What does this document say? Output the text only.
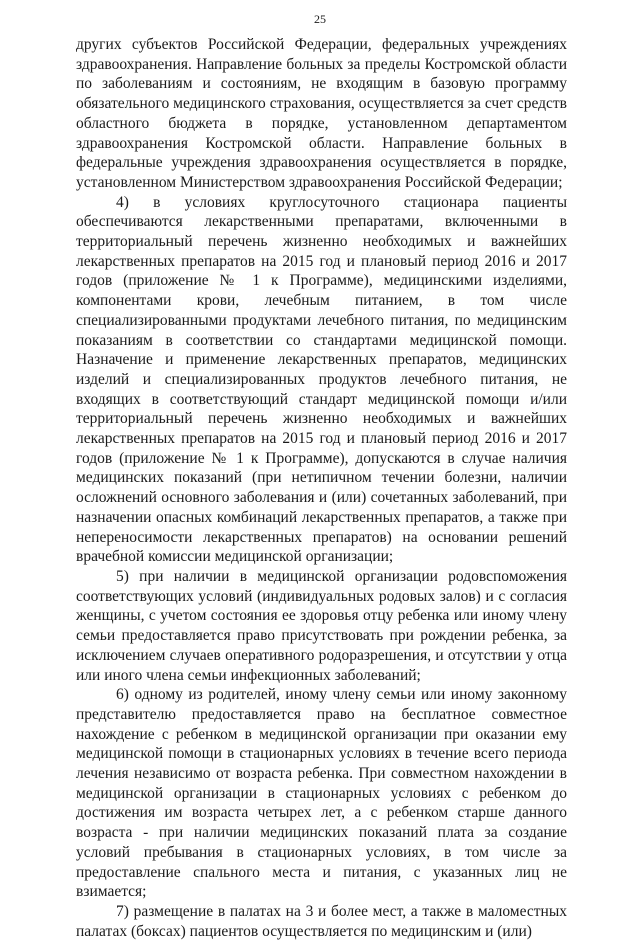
25

других субъектов Российской Федерации, федеральных учреждениях здравоохранения. Направление больных за пределы Костромской области по заболеваниям и состояниям, не входящим в базовую программу обязательного медицинского страхования, осуществляется за счет средств областного бюджета в порядке, установленном департаментом здравоохранения Костромской области. Направление больных в федеральные учреждения здравоохранения осуществляется в порядке, установленном Министерством здравоохранения Российской Федерации;

4) в условиях круглосуточного стационара пациенты обеспечиваются лекарственными препаратами, включенными в территориальный перечень жизненно необходимых и важнейших лекарственных препаратов на 2015 год и плановый период 2016 и 2017 годов (приложение № 1 к Программе), медицинскими изделиями, компонентами крови, лечебным питанием, в том числе специализированными продуктами лечебного питания, по медицинским показаниям в соответствии со стандартами медицинской помощи. Назначение и применение лекарственных препаратов, медицинских изделий и специализированных продуктов лечебного питания, не входящих в соответствующий стандарт медицинской помощи и/или территориальный перечень жизненно необходимых и важнейших лекарственных препаратов на 2015 год и плановый период 2016 и 2017 годов (приложение № 1 к Программе), допускаются в случае наличия медицинских показаний (при нетипичном течении болезни, наличии осложнений основного заболевания и (или) сочетанных заболеваний, при назначении опасных комбинаций лекарственных препаратов, а также при непереносимости лекарственных препаратов) на основании решений врачебной комиссии медицинской организации;

5) при наличии в медицинской организации родовспоможения соответствующих условий (индивидуальных родовых залов) и с согласия женщины, с учетом состояния ее здоровья отцу ребенка или иному члену семьи предоставляется право присутствовать при рождении ребенка, за исключением случаев оперативного родоразрешения, и отсутствии у отца или иного члена семьи инфекционных заболеваний;

6) одному из родителей, иному члену семьи или иному законному представителю предоставляется право на бесплатное совместное нахождение с ребенком в медицинской организации при оказании ему медицинской помощи в стационарных условиях в течение всего периода лечения независимо от возраста ребенка. При совместном нахождении в медицинской организации в стационарных условиях с ребенком до достижения им возраста четырех лет, а с ребенком старше данного возраста - при наличии медицинских показаний плата за создание условий пребывания в стационарных условиях, в том числе за предоставление спального места и питания, с указанных лиц не взимается;

7) размещение в палатах на 3 и более мест, а также в маломестных палатах (боксах) пациентов осуществляется по медицинским и (или)
